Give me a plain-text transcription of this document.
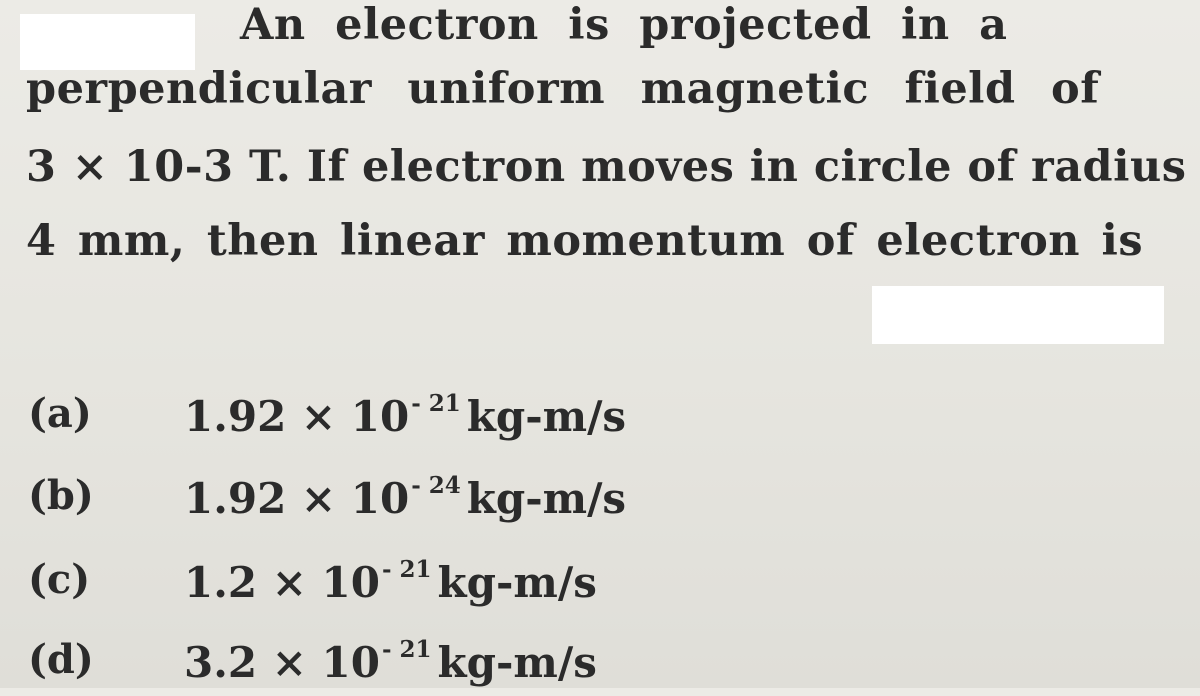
An electron is projected in a
perpendicular uniform magnetic field of
3 × 10-3 T. If electron moves in circle of radius
4 mm, then linear momentum of electron is
(a) $1.92 \times 10^{- 21}$ kg-m/s
(b) $1.92 \times 10^{- 24}$ kg-m/s
(c) $1.2 \times 10^{- 21}$ kg-m/s
(d) $3.2 \times 10^{- 21}$ kg-m/s
